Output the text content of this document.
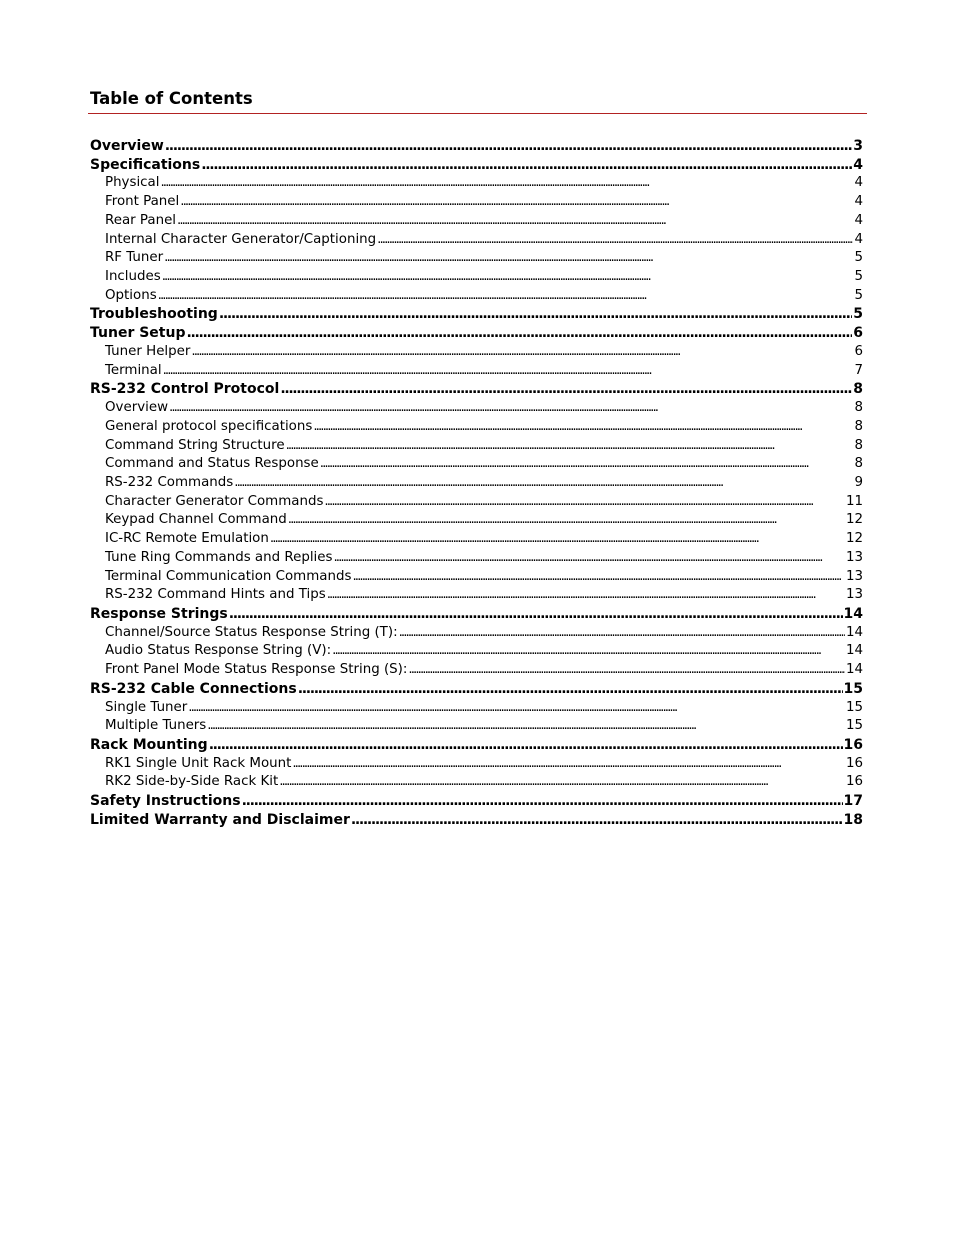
Table of Contents
Overview . . .	3
Specifications . . .	4
Physical . . .	4
Front Panel . . .	4
Rear Panel . . .	4
Internal Character Generator/Captioning . . .	4
RF Tuner . . .	5
Includes . . .	5
Options . . .	5
Troubleshooting . . .	5
Tuner Setup . . .	6
Tuner Helper . . .	6
Terminal . . .	7
RS-232 Control Protocol . . .	8
Overview . . .	8
General protocol specifications . . .	8
Command String Structure . . .	8
Command and Status Response . . .	8
RS-232 Commands . . .	9
Character Generator Commands . . .	11
Keypad Channel Command . . .	12
IC-RC Remote Emulation . . .	12
Tune Ring Commands and Replies . . .	13
Terminal Communication Commands . . .	13
RS-232 Command Hints and Tips . . .	13
Response Strings . . .	14
Channel/Source Status Response String (T): . . .	14
Audio Status Response String (V): . . .	14
Front Panel Mode Status Response String (S): . . .	14
RS-232 Cable Connections . . .	15
Single Tuner . . .	15
Multiple Tuners . . .	15
Rack Mounting . . .	16
RK1 Single Unit Rack Mount . . .	16
RK2 Side-by-Side Rack Kit . . .	16
Safety Instructions . . .	17
Limited Warranty and Disclaimer . . .	18
